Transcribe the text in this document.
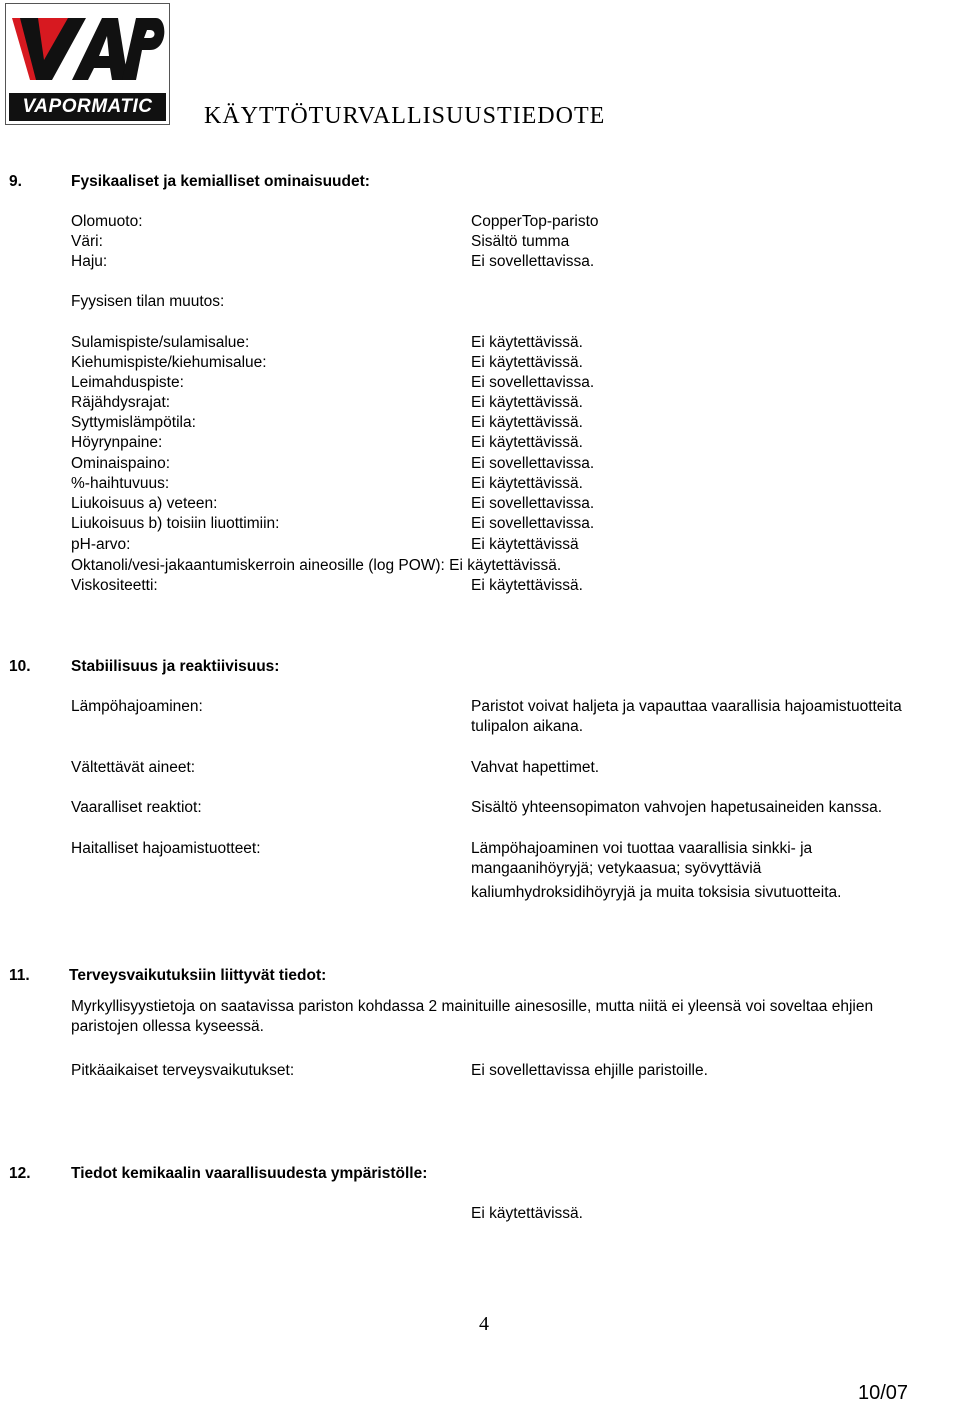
VAPORMATIC	KÄYTTÖTURVALLISUUSTIEDOTE
9.	Fysikaaliset ja kemialliset ominaisuudet:
Olomuoto:	CopperTop-paristo
Väri:	Sisältö tumma
Haju:	Ei sovellettavissa.
Fyysisen tilan muutos:
Sulamispiste/sulamisalue:	Ei käytettävissä.
Kiehumispiste/kiehumisalue:	Ei käytettävissä.
Leimahduspiste:	Ei sovellettavissa.
Räjähdysrajat:	Ei käytettävissä.
Syttymislämpötila:	Ei käytettävissä.
Höyrynpaine:	Ei käytettävissä.
Ominaispaino:	Ei sovellettavissa.
%-haihtuvuus:	Ei käytettävissä.
Liukoisuus a) veteen:	Ei sovellettavissa.
Liukoisuus b) toisiin liuottimiin:	Ei sovellettavissa.
pH-arvo:	Ei käytettävissä
Oktanoli/vesi-jakaantumiskerroin aineosille (log POW): Ei käytettävissä.
Viskositeetti:	Ei käytettävissä.
10.	Stabiilisuus ja reaktiivisuus:
Lämpöhajoaminen:	Paristot voivat haljeta ja vapauttaa vaarallisia hajoamistuotteita tulipalon aikana.
Vältettävät aineet:	Vahvat hapettimet.
Vaaralliset reaktiot:	Sisältö yhteensopimaton vahvojen hapetusaineiden kanssa.
Haitalliset hajoamistuotteet:	Lämpöhajoaminen voi tuottaa vaarallisia sinkki- ja mangaanihöyryjä; vetykaasua; syövyttäviä
kaliumhydroksidihöyryjä ja muita toksisia sivutuotteita.
11.	Terveysvaikutuksiin liittyvät tiedot:
Myrkyllisyystietoja on saatavissa pariston kohdassa 2 mainituille ainesosille, mutta niitä ei yleensä voi soveltaa ehjien paristojen ollessa kyseessä.
Pitkäaikaiset terveysvaikutukset:	Ei sovellettavissa ehjille paristoille.
12.	Tiedot kemikaalin vaarallisuudesta ympäristölle:
Ei käytettävissä.
4
10/07
